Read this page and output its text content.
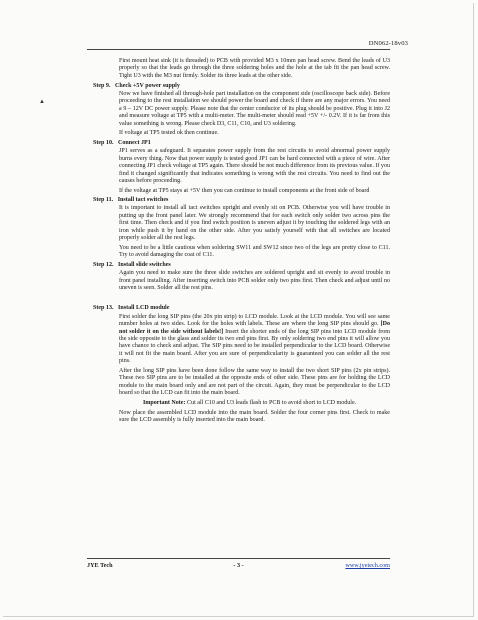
DN062-18v03
▲

First mount heat sink (it is threaded) to PCB with provided M3 x 10mm pan head screw. Bend the leads of U3 properly so that the leads go through the three soldering holes and the hole at the tab fit the pan head screw. Tight U3 with the M3 nut firmly. Solder its three leads at the other side.

Step 9. Check +5V power supply

Now we have finished all through-hole part installation on the component side (oscilloscope back side). Before proceeding to the rest installation we should power the board and check if there are any major errors. You need a 9 – 12V DC power supply. Please note that the center conductor of its plug should be positive. Plug it into J2 and measure voltage at TP5 with a multi-meter. The multi-meter should read +5V +/- 0.2V. If it is far from this value something is wrong. Please check D3, C11, C10, and U3 soldering.

If voltage at TP5 tested ok then continue.

Step 10. Connect JP1

JP1 serves as a safeguard. It separates power supply from the rest circuits to avoid abnormal power supply burns every thing. Now that power supply is tested good JP1 can be hard connected with a piece of wire. After connecting JP1 check voltage at TP5 again. There should be not much difference from its previous value. If you find it changed significantly that indicates something is wrong with the rest circuits. You need to find out the causes before proceeding.

If the voltage at TP5 stays at +5V then you can continue to install components at the front side of board

Step 11. Install tact switches

It is important to install all tact switches upright and evenly sit on PCB. Otherwise you will have trouble in putting up the front panel later. We strongly recommend that for each switch only solder two across pins the first time. Then check and if you find switch position is uneven adjust it by touching the soldered legs with an iron while push it by hand on the other side. After you satisfy yourself with that all switches are located properly solder all the rest legs.

You need to be a little cautious when soldering SW11 and SW12 since two of the legs are pretty close to C11. Try to avoid damaging the coat of C11.

Step 12. Install slide switches

Again you need to make sure the three slide switches are soldered upright and sit evenly to avoid trouble in front panel installing. After inserting switch into PCB solder only two pins first. Then check and adjust until no uneven is seen. Solder all the rest pins.

Step 13. Install LCD module

First solder the long SIP pins (the 20x pin strip) to LCD module. Look at the LCD module. You will see same number holes at two sides. Look for the holes with labels. These are where the long SIP pins should go. [Do not solder it on the side without labels!] Insert the shorter ends of the long SIP pins into LCD module from the side opposite to the glass and solder its two end pins first. By only soldering two end pins it will allow you have chance to check and adjust. The SIP pins need to be installed perpendicular to the LCD board. Otherwise it will not fit the main board. After you are sure of perpendicularity is guaranteed you can solder all the rest pins.

After the long SIP pins have been done follow the same way to install the two short SIP pins (2x pin strips). These two SIP pins are to be installed at the opposite ends of other side. These pins are for holding the LCD module to the main board only and are not part of the circuit. Again, they must be perpendicular to the LCD board so that the LCD can fit into the main board.

Important Note: Cut all C10 and U3 leads flash to PCB to avoid short to LCD module.

Now place the assembled LCD module into the main board. Solder the four corner pins first. Check to make sure the LCD assembly is fully inserted into the main board.

JYE Tech	- 3 -	www.jyetech.com
